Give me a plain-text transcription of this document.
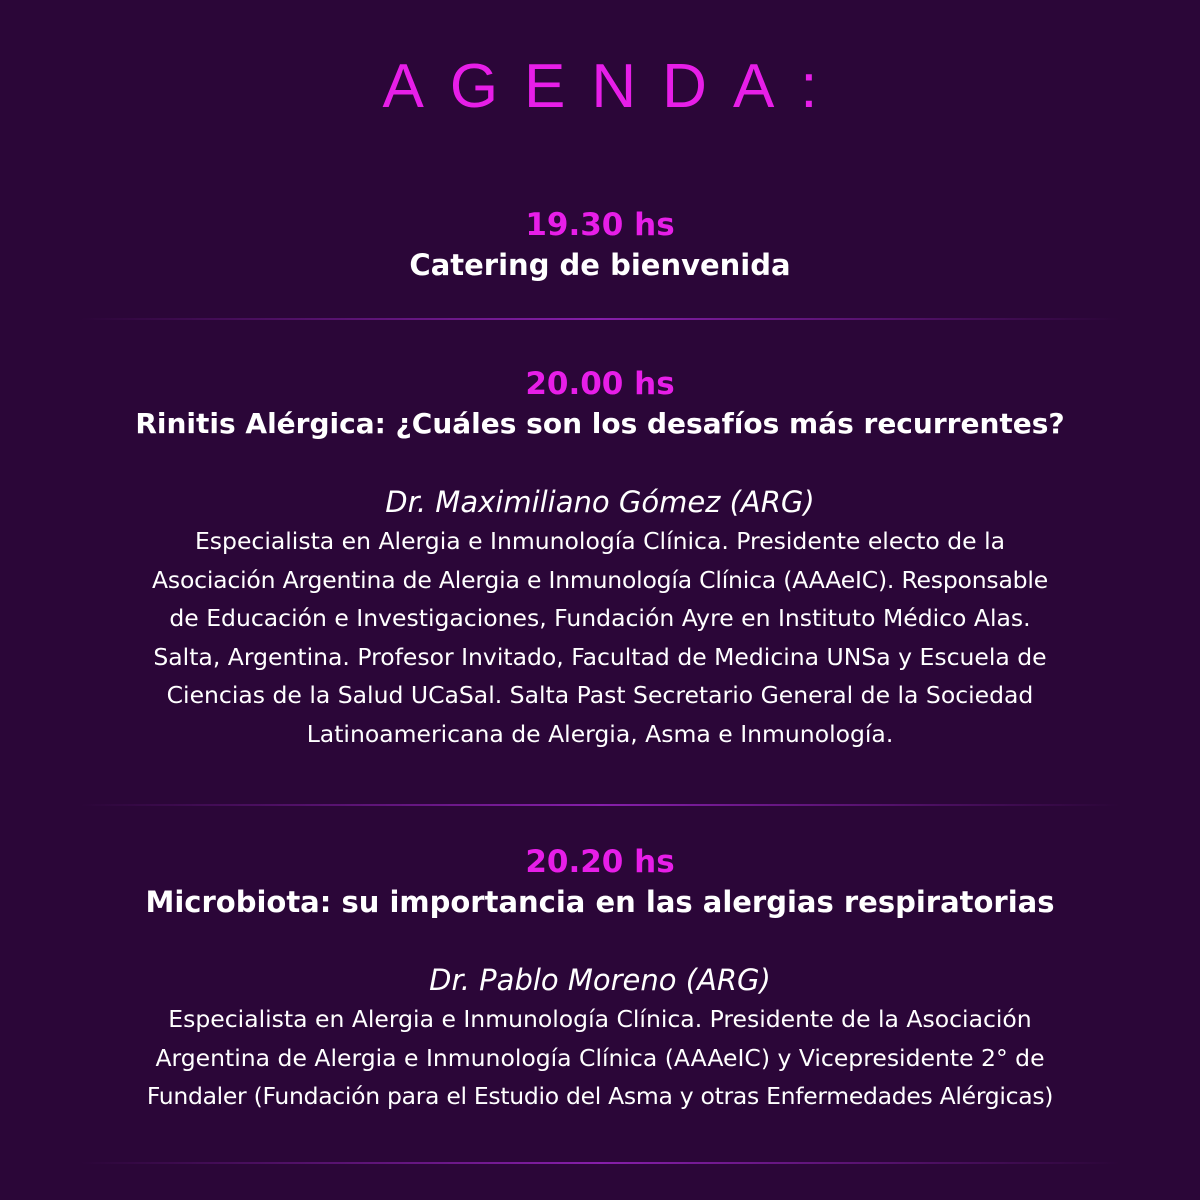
AGENDA:
19.30 hs
Catering de bienvenida
20.00 hs
Rinitis Alérgica: ¿Cuáles son los desafíos más recurrentes?
Dr. Maximiliano Gómez (ARG)
Especialista en Alergia e Inmunología Clínica. Presidente electo de la
Asociación Argentina de Alergia e Inmunología Clínica (AAAeIC). Responsable
de Educación e Investigaciones, Fundación Ayre en Instituto Médico Alas.
Salta, Argentina. Profesor Invitado, Facultad de Medicina UNSa y Escuela de
Ciencias de la Salud UCaSal. Salta Past Secretario General de la Sociedad
Latinoamericana de Alergia, Asma e Inmunología.
20.20 hs
Microbiota: su importancia en las alergias respiratorias
Dr. Pablo Moreno (ARG)
Especialista en Alergia e Inmunología Clínica. Presidente de la Asociación
Argentina de Alergia e Inmunología Clínica (AAAeIC) y Vicepresidente 2° de
Fundaler (Fundación para el Estudio del Asma y otras Enfermedades Alérgicas)
